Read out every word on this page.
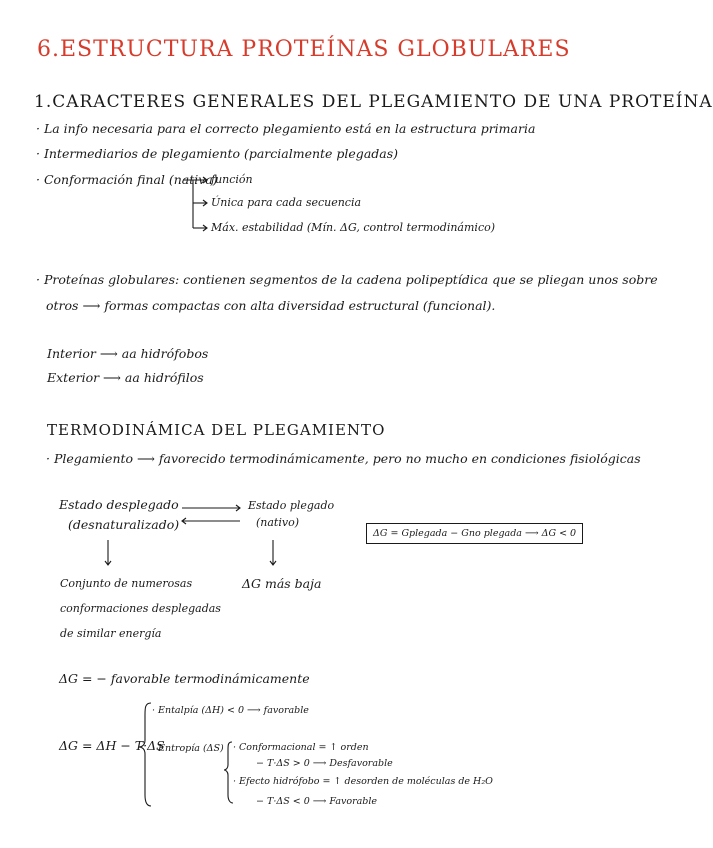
6.ESTRUCTURA PROTEÍNAS GLOBULARES
1.CARACTERES GENERALES DEL PLEGAMIENTO DE UNA PROTEÍNA
· La info necesaria para el correcto plegamiento está en la estructura primaria
· Intermediarios de plegamiento (parcialmente plegadas)
· Conformación final (nativa)
función
Única para cada secuencia
Máx. estabilidad (Mín. ΔG, control termodinámico)
· Proteínas globulares: contienen segmentos de la cadena polipeptídica que se pliegan unos sobre
otros ⟶ formas compactas con alta diversidad estructural (funcional).
Interior ⟶ aa hidrófobos
Exterior ⟶ aa hidrófilos
TERMODINÁMICA DEL PLEGAMIENTO
· Plegamiento ⟶ favorecido termodinámicamente, pero no mucho en condiciones fisiológicas
Estado desplegado
(desnaturalizado)
Estado plegado
(nativo)
ΔG = Gplegada − Gno plegada ⟶ ΔG < 0
Conjunto de numerosas
conformaciones desplegadas
de similar energía
ΔG más baja
ΔG = − favorable termodinámicamente
ΔG = ΔH − T·ΔS
· Entalpía (ΔH) < 0 ⟶ favorable
· Entropía (ΔS) · Conformacional = ↑ orden
− T·ΔS > 0 ⟶ Desfavorable
· Efecto hidrófobo = ↑ desorden de moléculas de H₂O
− T·ΔS < 0 ⟶ Favorable
